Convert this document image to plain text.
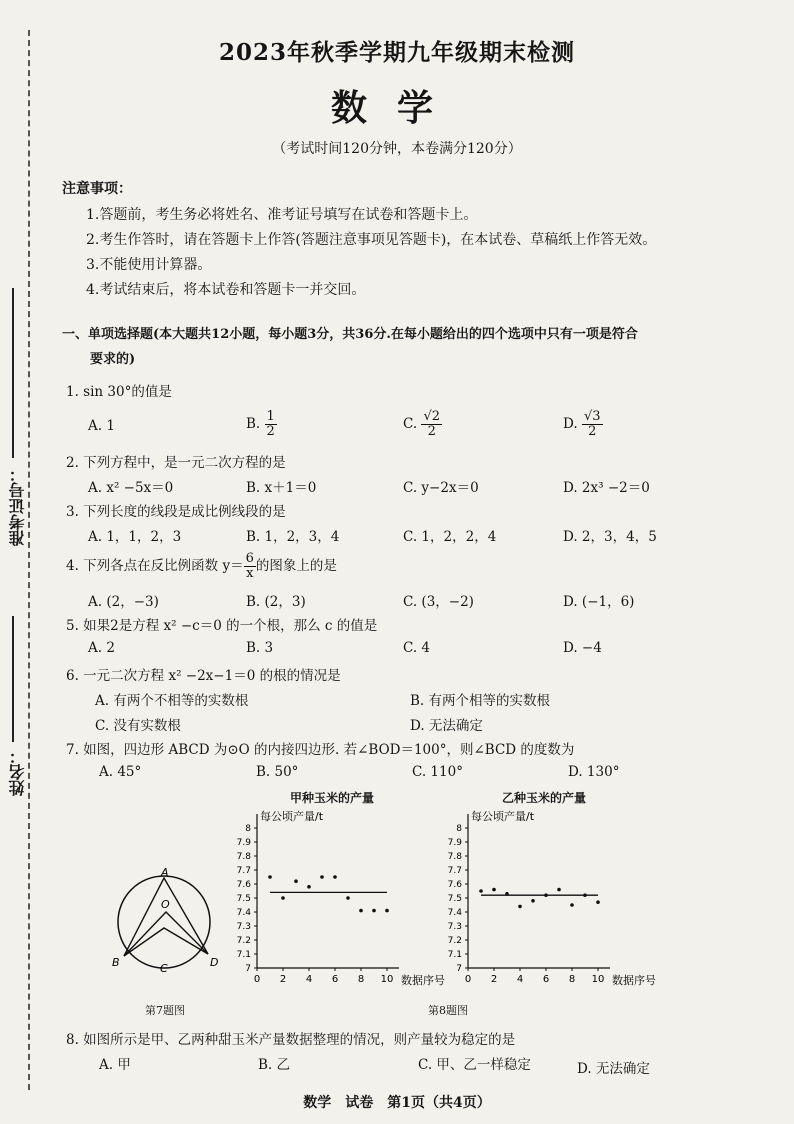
准考证号：
姓名：
2023年秋季学期九年级期末检测
数学
（考试时间120分钟，本卷满分120分）
注意事项：
1.答题前，考生务必将姓名、准考证号填写在试卷和答题卡上。
2.考生作答时，请在答题卡上作答(答题注意事项见答题卡)，在本试卷、草稿纸上作答无效。
3.不能使用计算器。
4.考试结束后，将本试卷和答题卡一并交回。
一、单项选择题(本大题共12小题，每小题3分，共36分.在每小题给出的四个选项中只有一项是符合
要求的)
1. sin 30°的值是
A. 1	B. $\frac{1}{2}$	C. $\frac{√2}{2}$	D. $\frac{√3}{2}$
2. 下列方程中，是一元二次方程的是
A. x² −5x＝0	B. x＋1＝0	C. y−2x＝0	D. 2x³ −2＝0
3. 下列长度的线段是成比例线段的是
A. 1，1，2，3	B. 1，2，3，4	C. 1，2，2，4	D. 2，3，4，5
4. 下列各点在反比例函数 $y= \frac{6}{x}$ 的图象上的是
A. (2，−3)	B. (2，3)	C. (3，−2)	D. (−1，6)
5. 如果2是方程 x² −c＝0 的一个根，那么 c 的值是
A. 2	B. 3	C. 4	D. −4
6. 一元二次方程 x² −2x−1＝0 的根的情况是
A. 有两个不相等的实数根	B. 有两个相等的实数根
C. 没有实数根	D. 无法确定
7. 如图，四边形 ABCD 为⊙O 的内接四边形. 若∠BOD＝100°，则∠BCD 的度数为
A. 45°	B. 50°	C. 110°	D. 130°
A
O
B	C	D
第7题图
甲种玉米的产量	乙种玉米的产量
每公顷产量/t
数据序号
7
7.1
7.2
7.3
7.4
7.5
7.6
7.7
7.8
7.9
8
0 2 4 6 8 10
每公顷产量/t
数据序号
7
7.1
7.2
7.3
7.4
7.5
7.6
7.7
7.8
7.9
8
0 2 4 6 8 10
第8题图
8. 如图所示是甲、乙两种甜玉米产量数据整理的情况，则产量较为稳定的是
A. 甲	B. 乙	C. 甲、乙一样稳定	D. 无法确定
数学　试卷　第1页（共4页）
